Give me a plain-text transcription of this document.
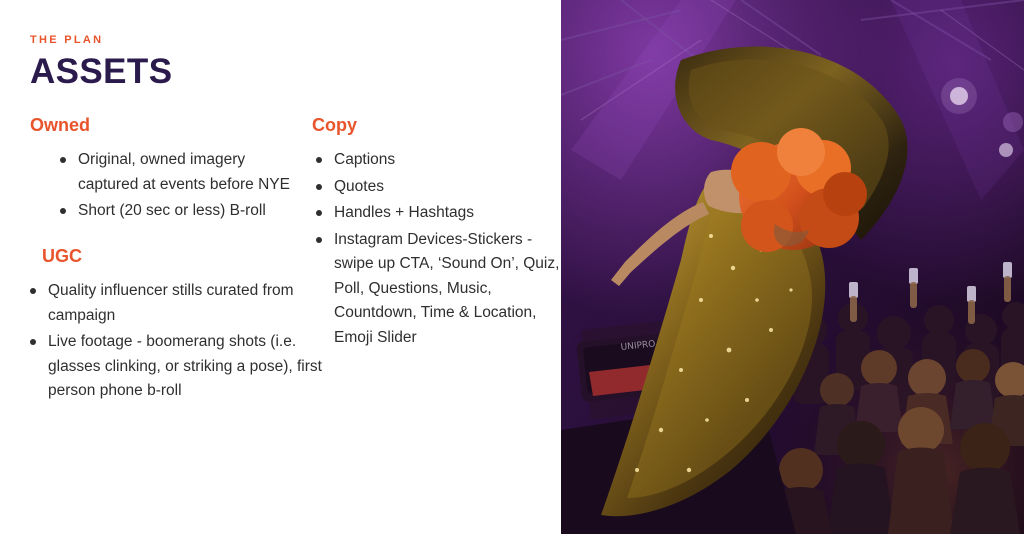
THE PLAN
ASSETS
Owned
Original, owned imagery captured at events before NYE
Short (20 sec or less) B-roll
UGC
Quality influencer stills curated from campaign
Live footage - boomerang shots (i.e. glasses clinking, or striking a pose), first person phone b-roll
Copy
Captions
Quotes
Handles + Hashtags
Instagram Devices-Stickers - swipe up CTA, ‘Sound On’, Quiz, Poll, Questions, Music, Countdown, Time & Location, Emoji Slider
UNIPRO
